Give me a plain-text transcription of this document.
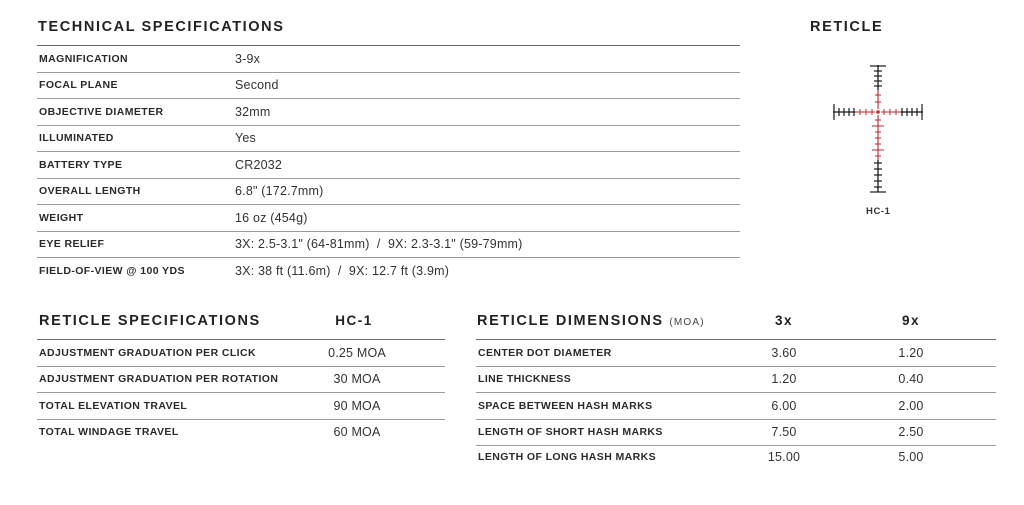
TECHNICAL SPECIFICATIONS
MAGNIFICATION	3-9x
FOCAL PLANE	Second
OBJECTIVE DIAMETER	32mm
ILLUMINATED	Yes
BATTERY TYPE	CR2032
OVERALL LENGTH	6.8" (172.7mm)
WEIGHT	16 oz (454g)
EYE RELIEF	3X: 2.5-3.1" (64-81mm)  /  9X: 2.3-3.1" (59-79mm)
FIELD-OF-VIEW @ 100 YDS	3X: 38 ft (11.6m)  /  9X: 12.7 ft (3.9m)
RETICLE
HC-1
RETICLE SPECIFICATIONS	HC-1
ADJUSTMENT GRADUATION PER CLICK	0.25 MOA
ADJUSTMENT GRADUATION PER ROTATION	30 MOA
TOTAL ELEVATION TRAVEL	90 MOA
TOTAL WINDAGE TRAVEL	60 MOA
RETICLE DIMENSIONS (MOA)	3x	9x
CENTER DOT DIAMETER	3.60	1.20
LINE THICKNESS	1.20	0.40
SPACE BETWEEN HASH MARKS	6.00	2.00
LENGTH OF SHORT HASH MARKS	7.50	2.50
LENGTH OF LONG HASH MARKS	15.00	5.00
